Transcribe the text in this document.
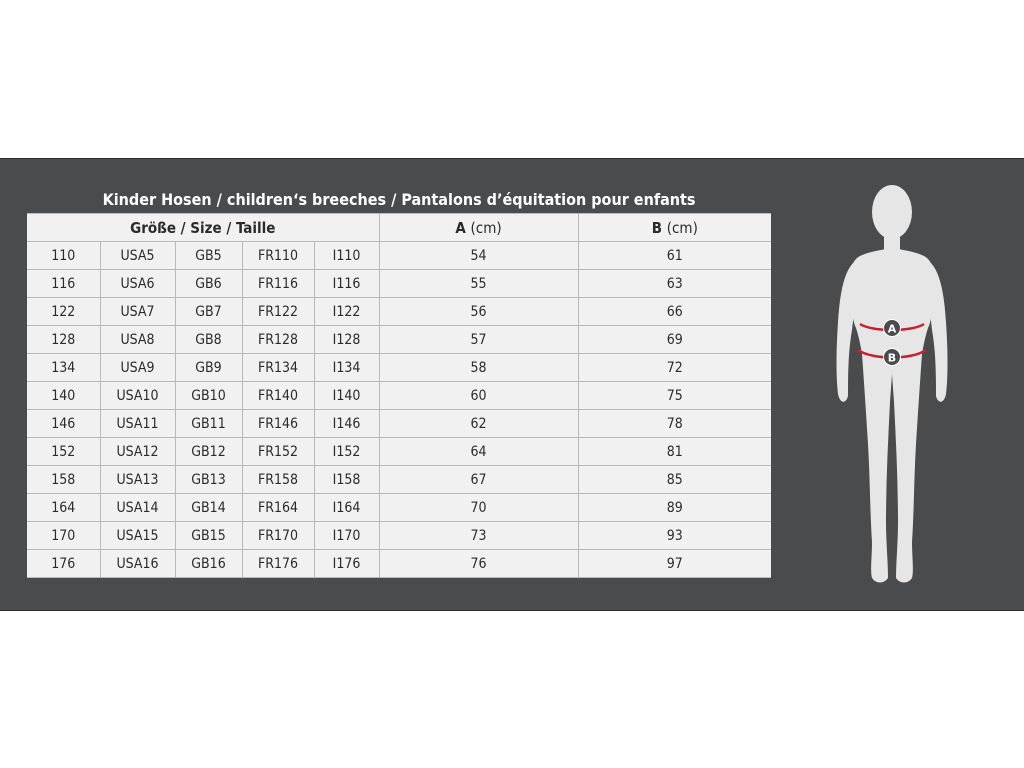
Kinder Hosen / children‘s breeches / Pantalons d’équitation pour enfants						
Größe / Size / Taille					A (cm)	B (cm)
110	USA5	GB5	FR110	I110	54	61
116	USA6	GB6	FR116	I116	55	63
122	USA7	GB7	FR122	I122	56	66
128	USA8	GB8	FR128	I128	57	69
134	USA9	GB9	FR134	I134	58	72
140	USA10	GB10	FR140	I140	60	75
146	USA11	GB11	FR146	I146	62	78
152	USA12	GB12	FR152	I152	64	81
158	USA13	GB13	FR158	I158	67	85
164	USA14	GB14	FR164	I164	70	89
170	USA15	GB15	FR170	I170	73	93
176	USA16	GB16	FR176	I176	76	97
A
B
